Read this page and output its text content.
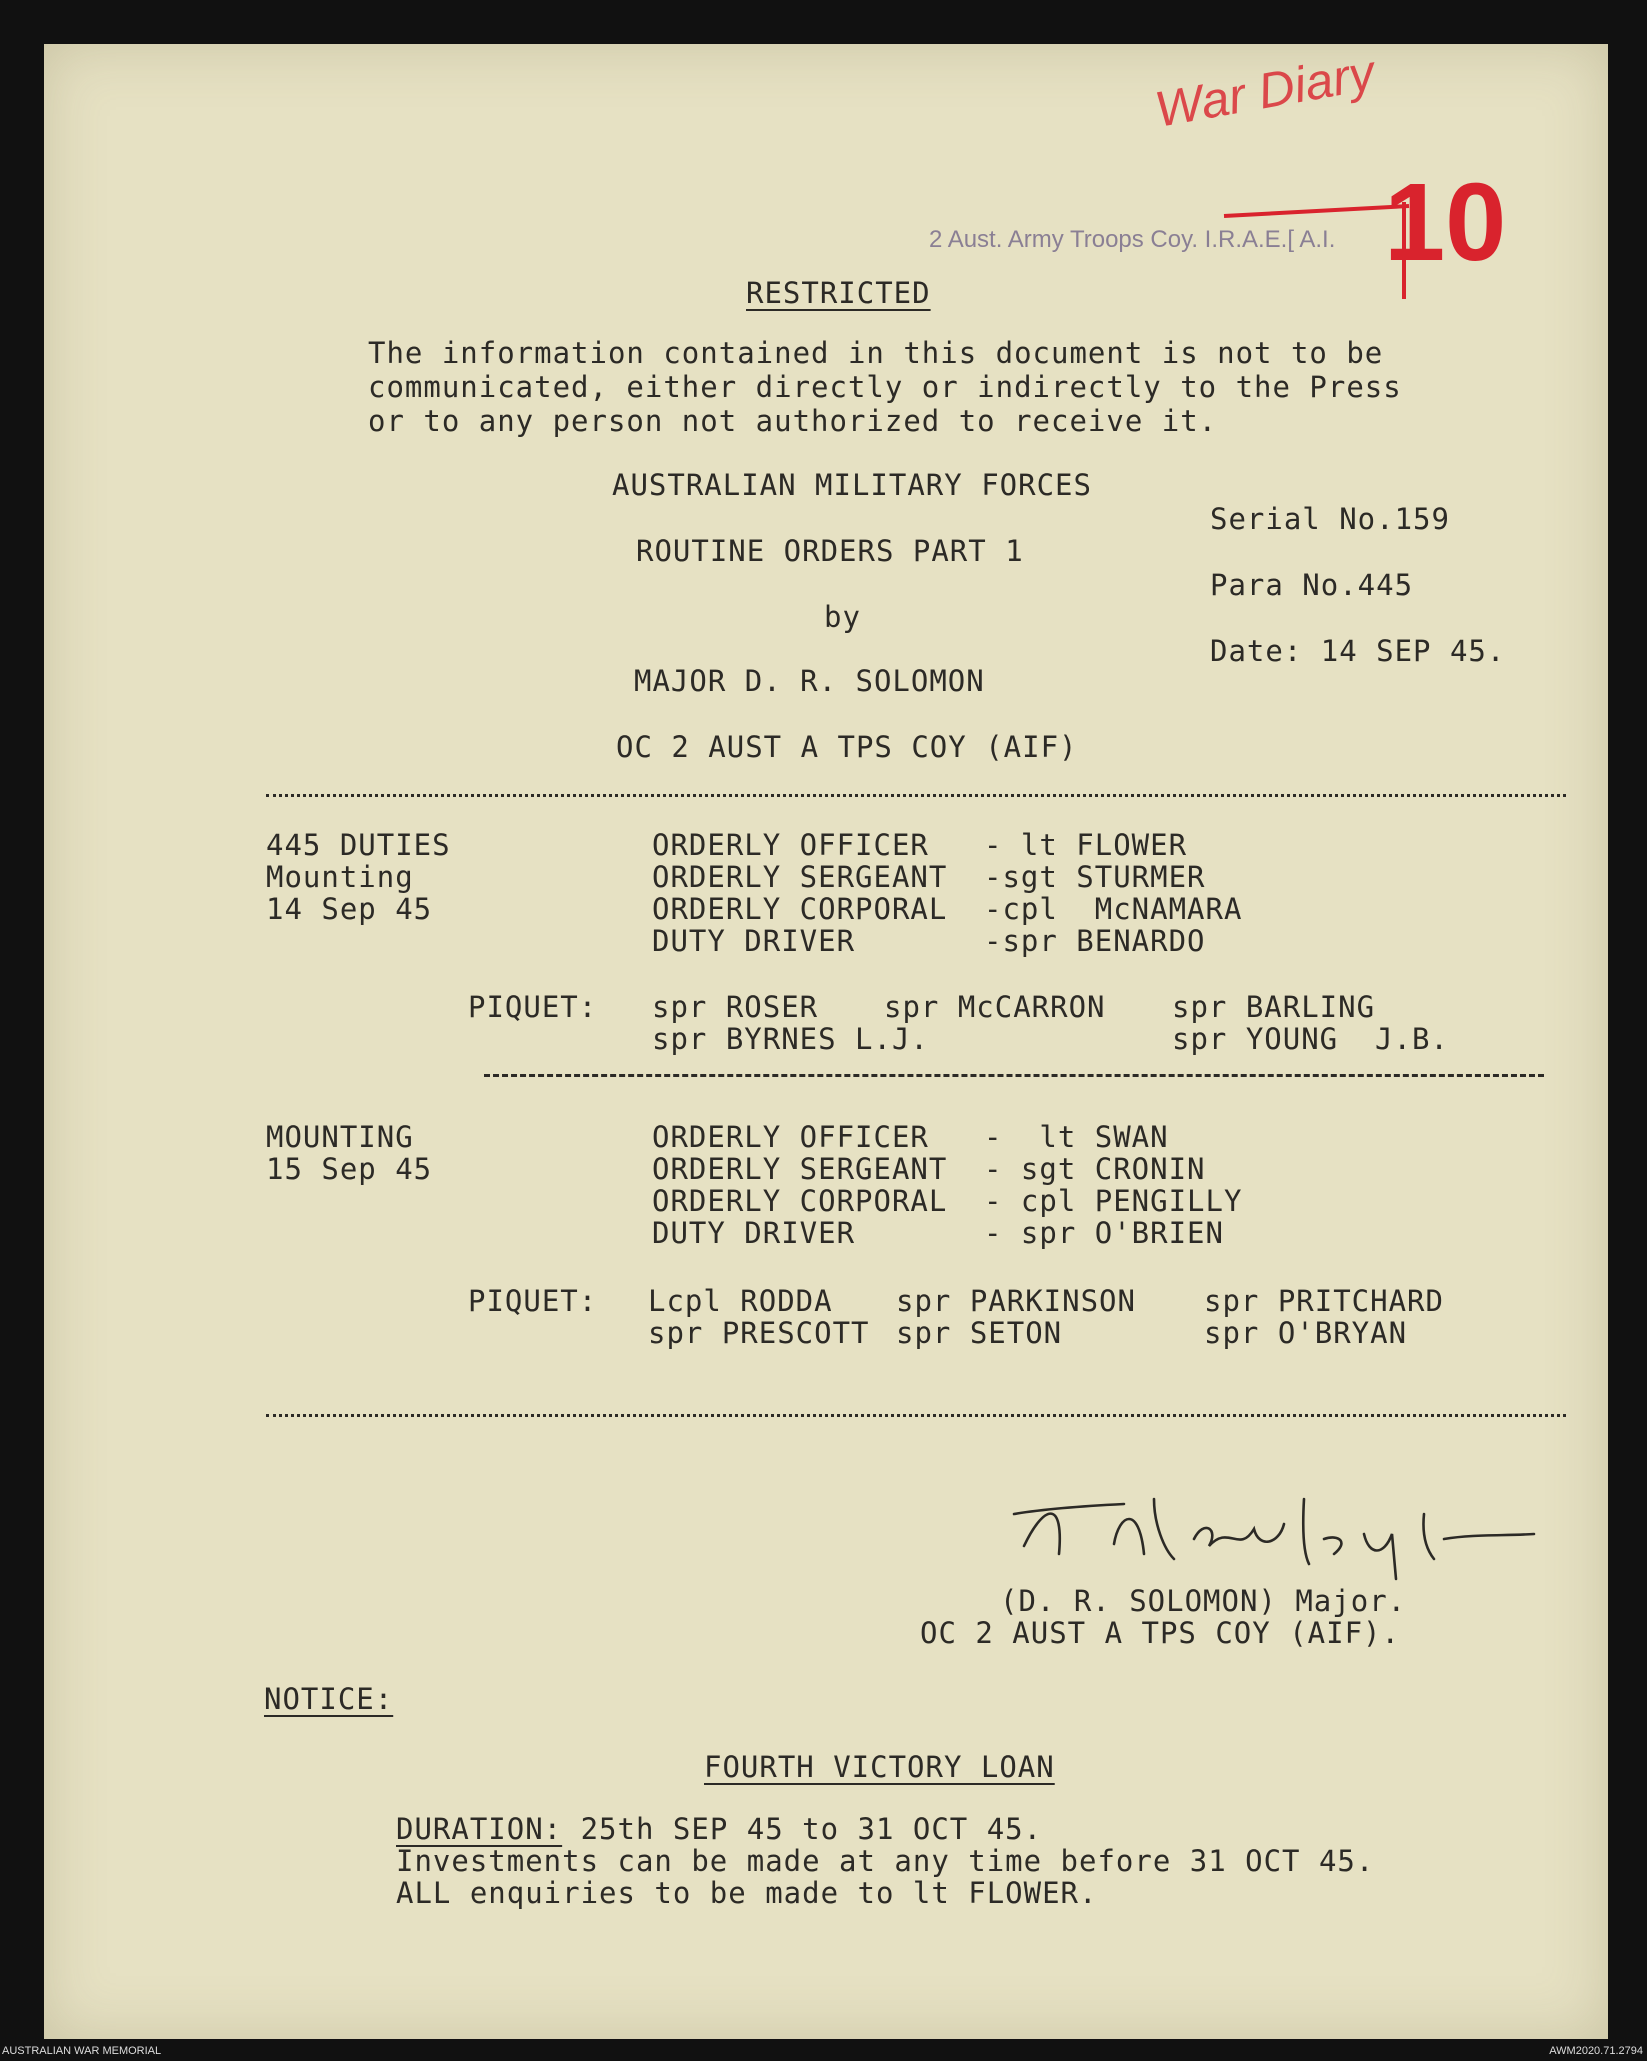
War Diary
10
2 Aust. Army Troops Coy. I.R.A.E.[ A.I.
RESTRICTED
The information contained in this document is not to be
communicated, either directly or indirectly to the Press
or to any person not authorized to receive it.
AUSTRALIAN MILITARY FORCES
ROUTINE ORDERS PART 1
by
MAJOR D. R. SOLOMON
OC 2 AUST A TPS COY (AIF)
Serial No.159
Para No.445
Date: 14 SEP 45.
445 DUTIES
Mounting
14 Sep 45
ORDERLY OFFICER - lt FLOWER
ORDERLY SERGEANT -sgt STURMER
ORDERLY CORPORAL -cpl  McNAMARA
DUTY DRIVER	-spr BENARDO
PIQUET: spr ROSER spr McCARRON spr BARLING
spr BYRNES L.J.	spr YOUNG  J.B.
MOUNTING
15 Sep 45
ORDERLY OFFICER -  lt SWAN
ORDERLY SERGEANT - sgt CRONIN
ORDERLY CORPORAL - cpl PENGILLY
DUTY DRIVER	- spr O'BRIEN
PIQUET: Lcpl RODDA spr PARKINSON spr PRITCHARD
spr PRESCOTT spr SETON	spr O'BRYAN
(D. R. SOLOMON) Major.
OC 2 AUST A TPS COY (AIF).
NOTICE:
FOURTH VICTORY LOAN
DURATION: 25th SEP 45 to 31 OCT 45.
Investments can be made at any time before 31 OCT 45.
ALL enquiries to be made to lt FLOWER.
AUSTRALIAN WAR MEMORIAL	AWM2020.71.2794
